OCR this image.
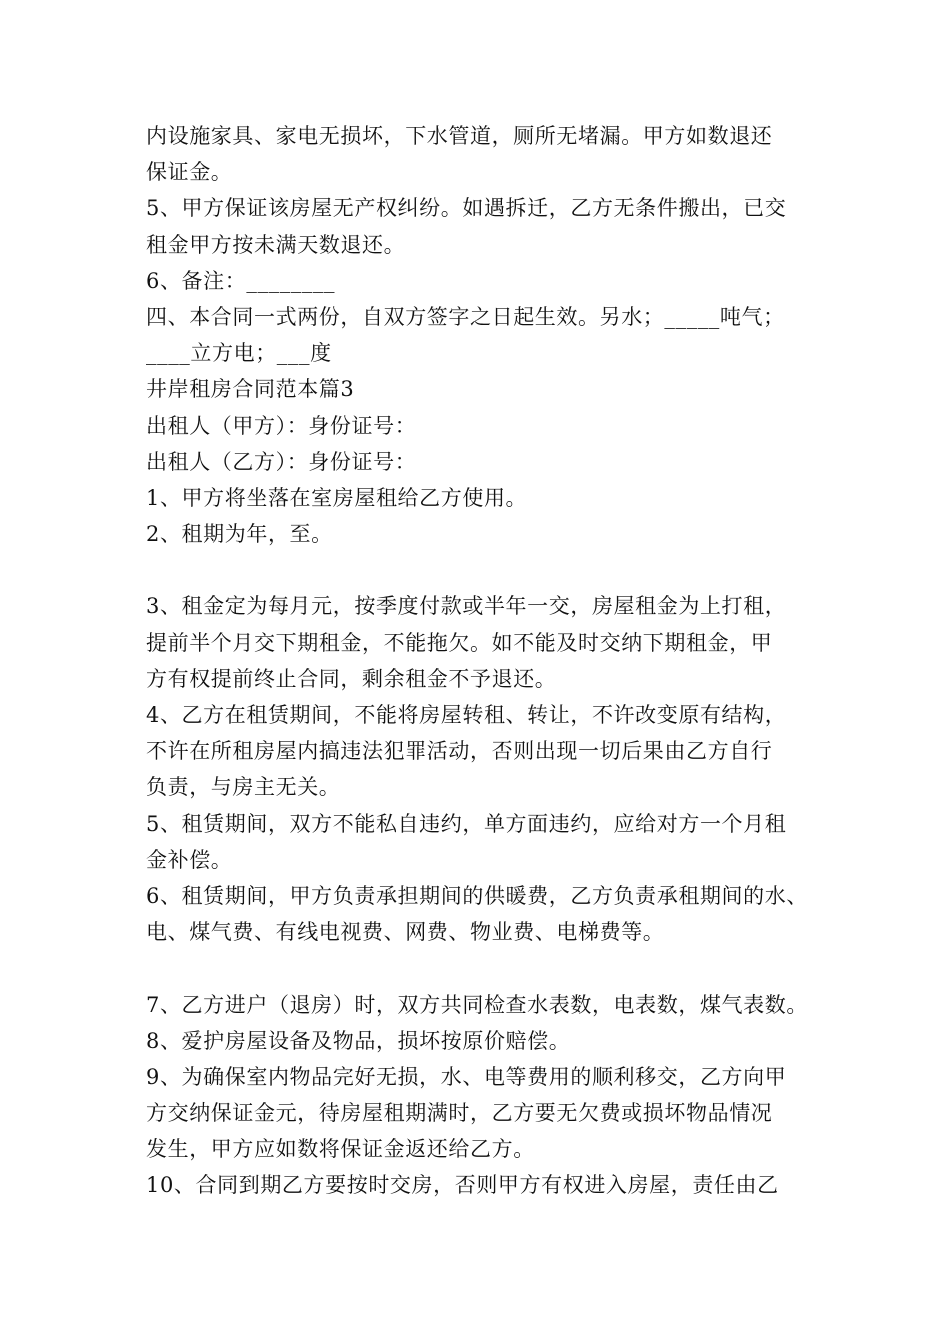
内设施家具、家电无损坏，下水管道，厕所无堵漏。甲方如数退还
保证金。
5、甲方保证该房屋无产权纠纷。如遇拆迁，乙方无条件搬出，已交
租金甲方按未满天数退还。
6、备注：________
四、本合同一式两份，自双方签字之日起生效。另水；_____吨气；
____立方电；___度
井岸租房合同范本篇3
出租人（甲方）：身份证号：
出租人（乙方）：身份证号：
1、甲方将坐落在室房屋租给乙方使用。
2、租期为年，至。
3、租金定为每月元，按季度付款或半年一交，房屋租金为上打租，
提前半个月交下期租金，不能拖欠。如不能及时交纳下期租金，甲
方有权提前终止合同，剩余租金不予退还。
4、乙方在租赁期间，不能将房屋转租、转让，不许改变原有结构，
不许在所租房屋内搞违法犯罪活动，否则出现一切后果由乙方自行
负责，与房主无关。
5、租赁期间，双方不能私自违约，单方面违约，应给对方一个月租
金补偿。
6、租赁期间，甲方负责承担期间的供暖费，乙方负责承租期间的水、
电、煤气费、有线电视费、网费、物业费、电梯费等。
7、乙方进户（退房）时，双方共同检查水表数，电表数，煤气表数。
8、爱护房屋设备及物品，损坏按原价赔偿。
9、为确保室内物品完好无损，水、电等费用的顺利移交，乙方向甲
方交纳保证金元，待房屋租期满时，乙方要无欠费或损坏物品情况
发生，甲方应如数将保证金返还给乙方。
10、合同到期乙方要按时交房，否则甲方有权进入房屋，责任由乙
